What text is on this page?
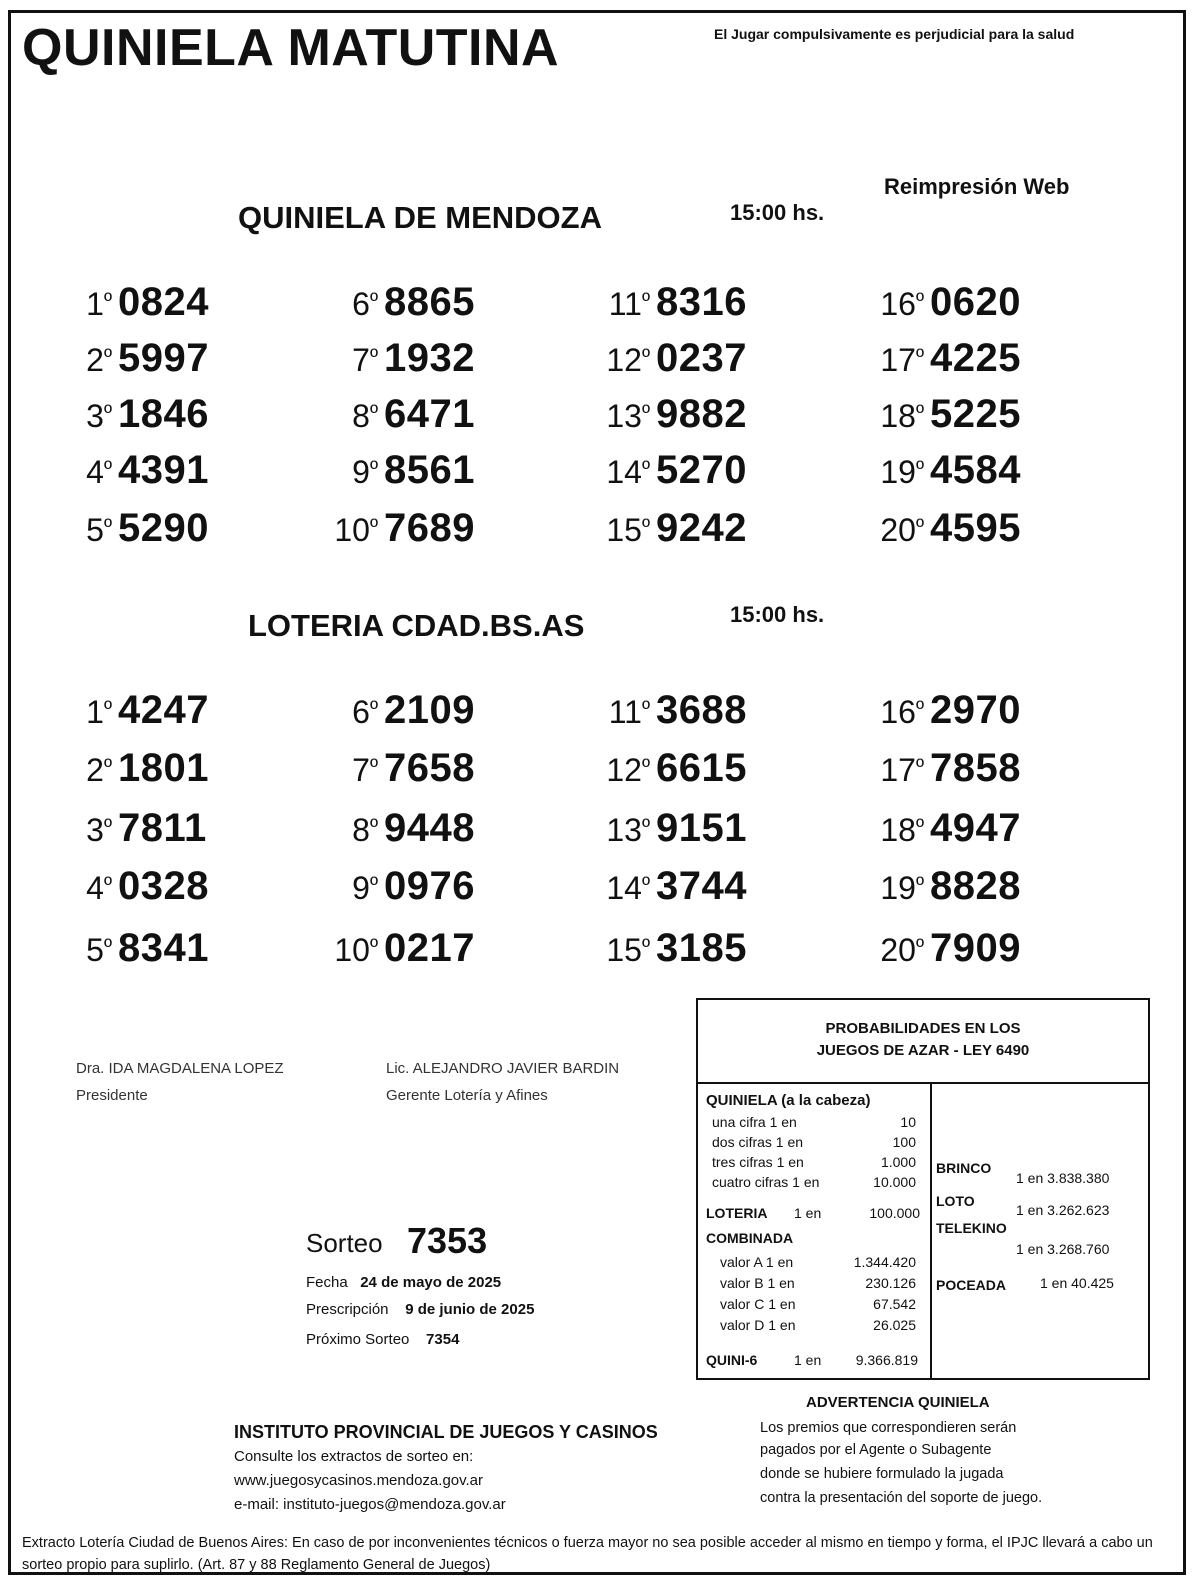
QUINIELA MATUTINA	El Jugar compulsivamente es perjudicial para la salud
Reimpresión Web
QUINIELA DE MENDOZA	15:00 hs.
$1^º$ 0824
$2^º$ 5997
$3^º$ 1846
$4^º$ 4391
$5^º$ 5290
$6^º$ 8865
$7^º$ 1932
$8^º$ 6471
$9^º$ 8561
$10^º$ 7689
$11^º$ 8316
$12^º$ 0237
$13^º$ 9882
$14^º$ 5270
$15^º$ 9242
$16^º$ 0620
$17^º$ 4225
$18^º$ 5225
$19^º$ 4584
$20^º$ 4595
LOTERIA CDAD.BS.AS	15:00 hs.
$1^º$ 4247
$2^º$ 1801
$3^º$ 7811
$4^º$ 0328
$5^º$ 8341
$6^º$ 2109
$7^º$ 7658
$8^º$ 9448
$9^º$ 0976
$10^º$ 0217
$11^º$ 3688
$12^º$ 6615
$13^º$ 9151
$14^º$ 3744
$15^º$ 3185
$16^º$ 2970
$17^º$ 7858
$18^º$ 4947
$19^º$ 8828
$20^º$ 7909
Dra. IDA MAGDALENA LOPEZ
Presidente
Lic. ALEJANDRO JAVIER BARDIN
Gerente Lotería y Afines
Sorteo 7353
Fecha 24 de mayo de 2025
Prescripción 9 de junio de 2025
Próximo Sorteo 7354
PROBABILIDADES EN LOS
JUEGOS DE AZAR - LEY 6490
QUINIELA (a la cabeza)
una cifra 1 en	10
dos cifras 1 en	100
tres cifras 1 en	1.000
cuatro cifras 1 en	10.000
LOTERIA 1 en	100.000
COMBINADA
valor A 1 en	1.344.420
valor B 1 en	230.126
valor C 1 en	67.542
valor D 1 en	26.025
QUINI-6	1 en 9.366.819
BRINCO
1 en 3.838.380
LOTO
1 en 3.262.623
TELEKINO
1 en 3.268.760
POCEADA 1 en 40.425
ADVERTENCIA QUINIELA
Los premios que correspondieren serán
pagados por el Agente o Subagente
donde se hubiere formulado la jugada
contra la presentación del soporte de juego.
INSTITUTO PROVINCIAL DE JUEGOS Y CASINOS
Consulte los extractos de sorteo en:
www.juegosycasinos.mendoza.gov.ar
e-mail: instituto-juegos@mendoza.gov.ar
Extracto Lotería Ciudad de Buenos Aires: En caso de por inconvenientes técnicos o fuerza mayor no sea posible acceder al mismo en tiempo y forma, el IPJC llevará a cabo un sorteo propio para suplirlo. (Art. 87 y 88 Reglamento General de Juegos)
